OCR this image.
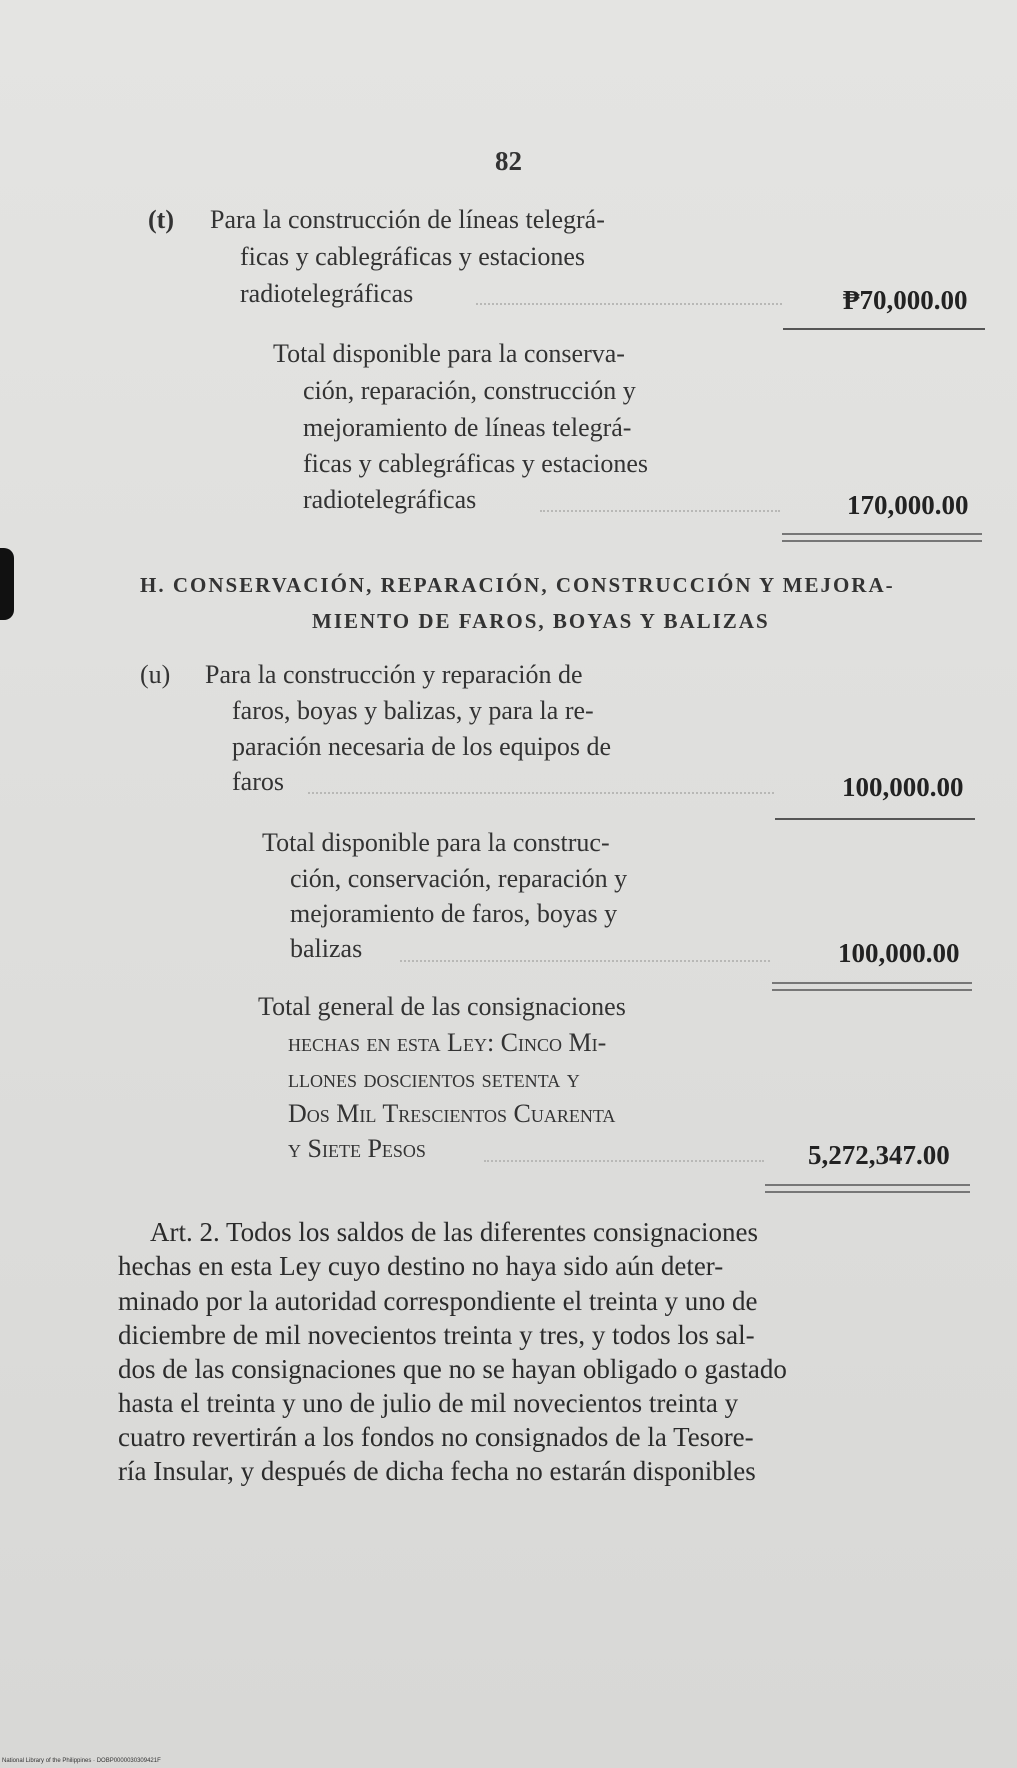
82
(t) Para la construcción de líneas telegrá-
ficas y cablegráficas y estaciones
radiotelegráficas	₱70,000.00
Total disponible para la conserva-
ción, reparación, construcción y
mejoramiento de líneas telegrá-
ficas y cablegráficas y estaciones
radiotelegráficas	170,000.00
H. CONSERVACIÓN, REPARACIÓN, CONSTRUCCIÓN Y MEJORA-
MIENTO DE FAROS, BOYAS Y BALIZAS
(u) Para la construcción y reparación de
faros, boyas y balizas, y para la re-
paración necesaria de los equipos de
faros	100,000.00
Total disponible para la construc-
ción, conservación, reparación y
mejoramiento de faros, boyas y
balizas	100,000.00
Total general de las consignaciones
hechas en esta Ley: Cinco Mi-
llones doscientos setenta y
Dos Mil Trescientos Cuarenta
y Siete Pesos	5,272,347.00
Art. 2. Todos los saldos de las diferentes consignaciones
hechas en esta Ley cuyo destino no haya sido aún deter-
minado por la autoridad correspondiente el treinta y uno de
diciembre de mil novecientos treinta y tres, y todos los sal-
dos de las consignaciones que no se hayan obligado o gastado
hasta el treinta y uno de julio de mil novecientos treinta y
cuatro revertirán a los fondos no consignados de la Tesore-
ría Insular, y después de dicha fecha no estarán disponibles
National Library of the Philippines · DOBP0000030309421F
